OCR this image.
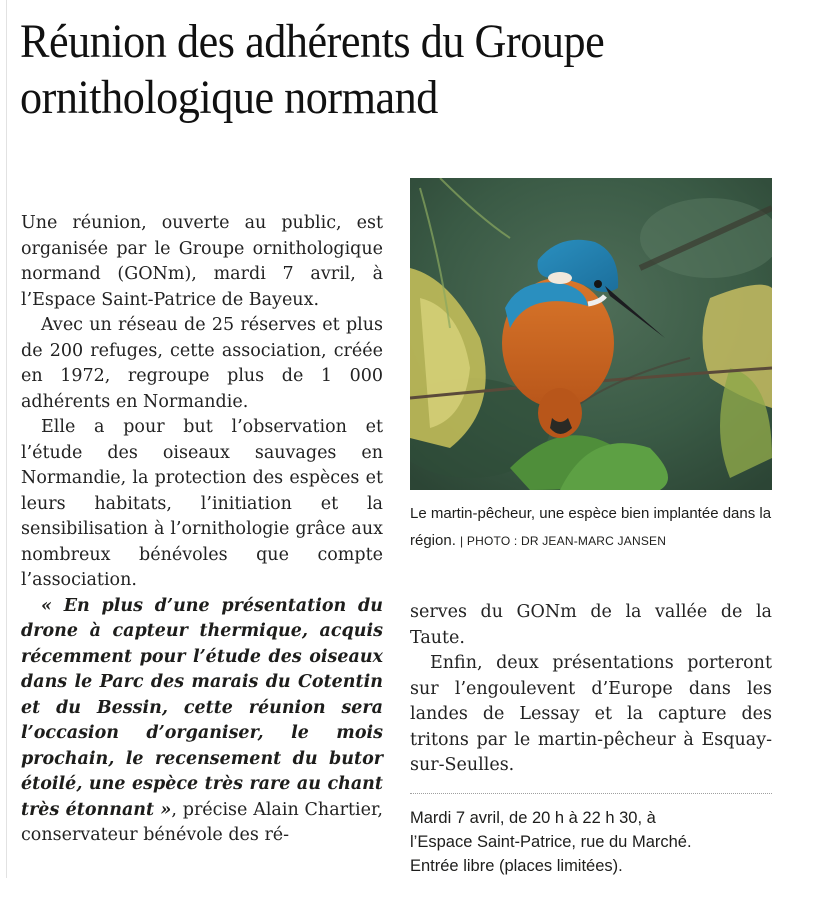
Réunion des adhérents du Groupe ornithologique normand

Une réunion, ouverte au public, est organisée par le Groupe ornithologique normand (GONm), mardi 7 avril, à l’Espace Saint-Patrice de Bayeux.

Avec un réseau de 25 réserves et plus de 200 refuges, cette association, créée en 1972, regroupe plus de 1 000 adhérents en Normandie.

Elle a pour but l’observation et l’étude des oiseaux sauvages en Normandie, la protection des espèces et leurs habitats, l’initiation et la sensibilisation à l’ornithologie grâce aux nombreux bénévoles que compte l’association.

« En plus d’une présentation du drone à capteur thermique, acquis récemment pour l’étude des oiseaux dans le Parc des marais du Cotentin et du Bessin, cette réunion sera l’occasion d’organiser, le mois prochain, le recensement du butor étoilé, une espèce très rare au chant très étonnant », précise Alain Chartier, conservateur bénévole des ré-

Le martin-pêcheur, une espèce bien implantée dans la région. | PHOTO : DR JEAN-MARC JANSEN

serves du GONm de la vallée de la Taute.

Enfin, deux présentations porteront sur l’engoulevent d’Europe dans les landes de Lessay et la capture des tritons par le martin-pêcheur à Esquay-sur-Seulles.

Mardi 7 avril, de 20 h à 22 h 30, à
l’Espace Saint-Patrice, rue du Marché.
Entrée libre (places limitées).
